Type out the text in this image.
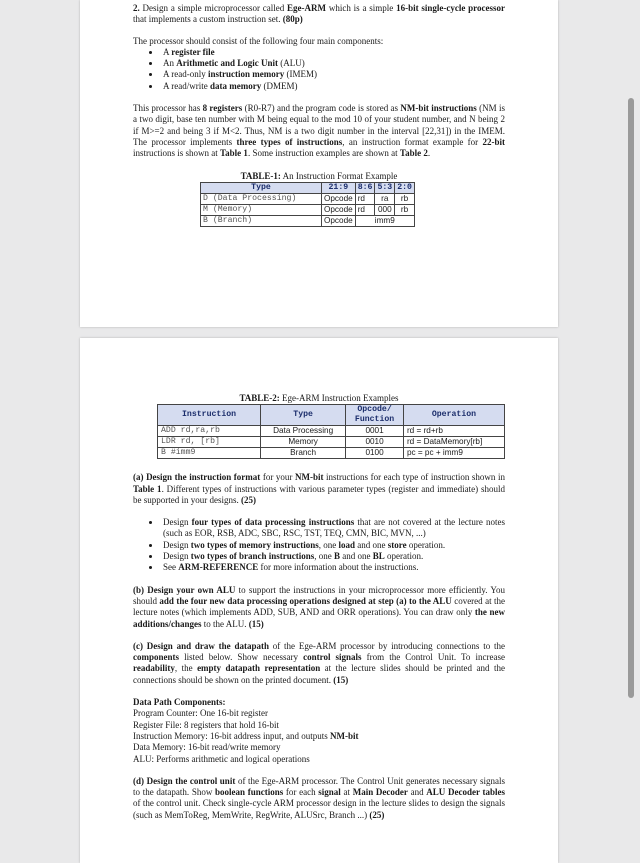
2. Design a simple microprocessor called Ege-ARM which is a simple 16-bit single-cycle processor that implements a custom instruction set. (80p)

The processor should consist of the following four main components:

• A register file
• An Arithmetic and Logic Unit (ALU)
• A read-only instruction memory (IMEM)
• A read/write data memory (DMEM)

This processor has 8 registers (R0-R7) and the program code is stored as NM-bit instructions (NM is a two digit, base ten number with M being equal to the mod 10 of your student number, and N being 2 if M>=2 and being 3 if M<2. Thus, NM is a two digit number in the interval [22,31]) in the IMEM. The processor implements three types of instructions, an instruction format example for 22-bit instructions is shown at Table 1. Some instruction examples are shown at Table 2.

TABLE-1: An Instruction Format Example

Type	21:9	8:6	5:3	2:0
D (Data Processing)	Opcode	rd	ra	rb
M (Memory)	Opcode	rd	000	rb
B (Branch)	Opcode	imm9		

TABLE-2: Ege-ARM Instruction Examples

Instruction	Type	Opcode/ Function	Operation
ADD rd,ra,rb	Data Processing	0001	rd = rd+rb
LDR rd, [rb]	Memory	0010	rd = DataMemory[rb]
B #imm9	Branch	0100	pc = pc + imm9

(a) Design the instruction format for your NM-bit instructions for each type of instruction shown in Table 1. Different types of instructions with various parameter types (register and immediate) should be supported in your designs. (25)

• Design four types of data processing instructions that are not covered at the lecture notes (such as EOR, RSB, ADC, SBC, RSC, TST, TEQ, CMN, BIC, MVN, ...)
• Design two types of memory instructions, one load and one store operation.
• Design two types of branch instructions, one B and one BL operation.
• See ARM-REFERENCE for more information about the instructions.

(b) Design your own ALU to support the instructions in your microprocessor more efficiently. You should add the four new data processing operations designed at step (a) to the ALU covered at the lecture notes (which implements ADD, SUB, AND and ORR operations). You can draw only the new additions/changes to the ALU. (15)

(c) Design and draw the datapath of the Ege-ARM processor by introducing connections to the components listed below. Show necessary control signals from the Control Unit. To increase readability, the empty datapath representation at the lecture slides should be printed and the connections should be shown on the printed document. (15)

Data Path Components:

Program Counter: One 16-bit register

Register File: 8 registers that hold 16-bit

Instruction Memory: 16-bit address input, and outputs NM-bit

Data Memory: 16-bit read/write memory

ALU: Performs arithmetic and logical operations

(d) Design the control unit of the Ege-ARM processor. The Control Unit generates necessary signals to the datapath. Show boolean functions for each signal at Main Decoder and ALU Decoder tables of the control unit. Check single-cycle ARM processor design in the lecture slides to design the signals (such as MemToReg, MemWrite, RegWrite, ALUSrc, Branch ...) (25)
